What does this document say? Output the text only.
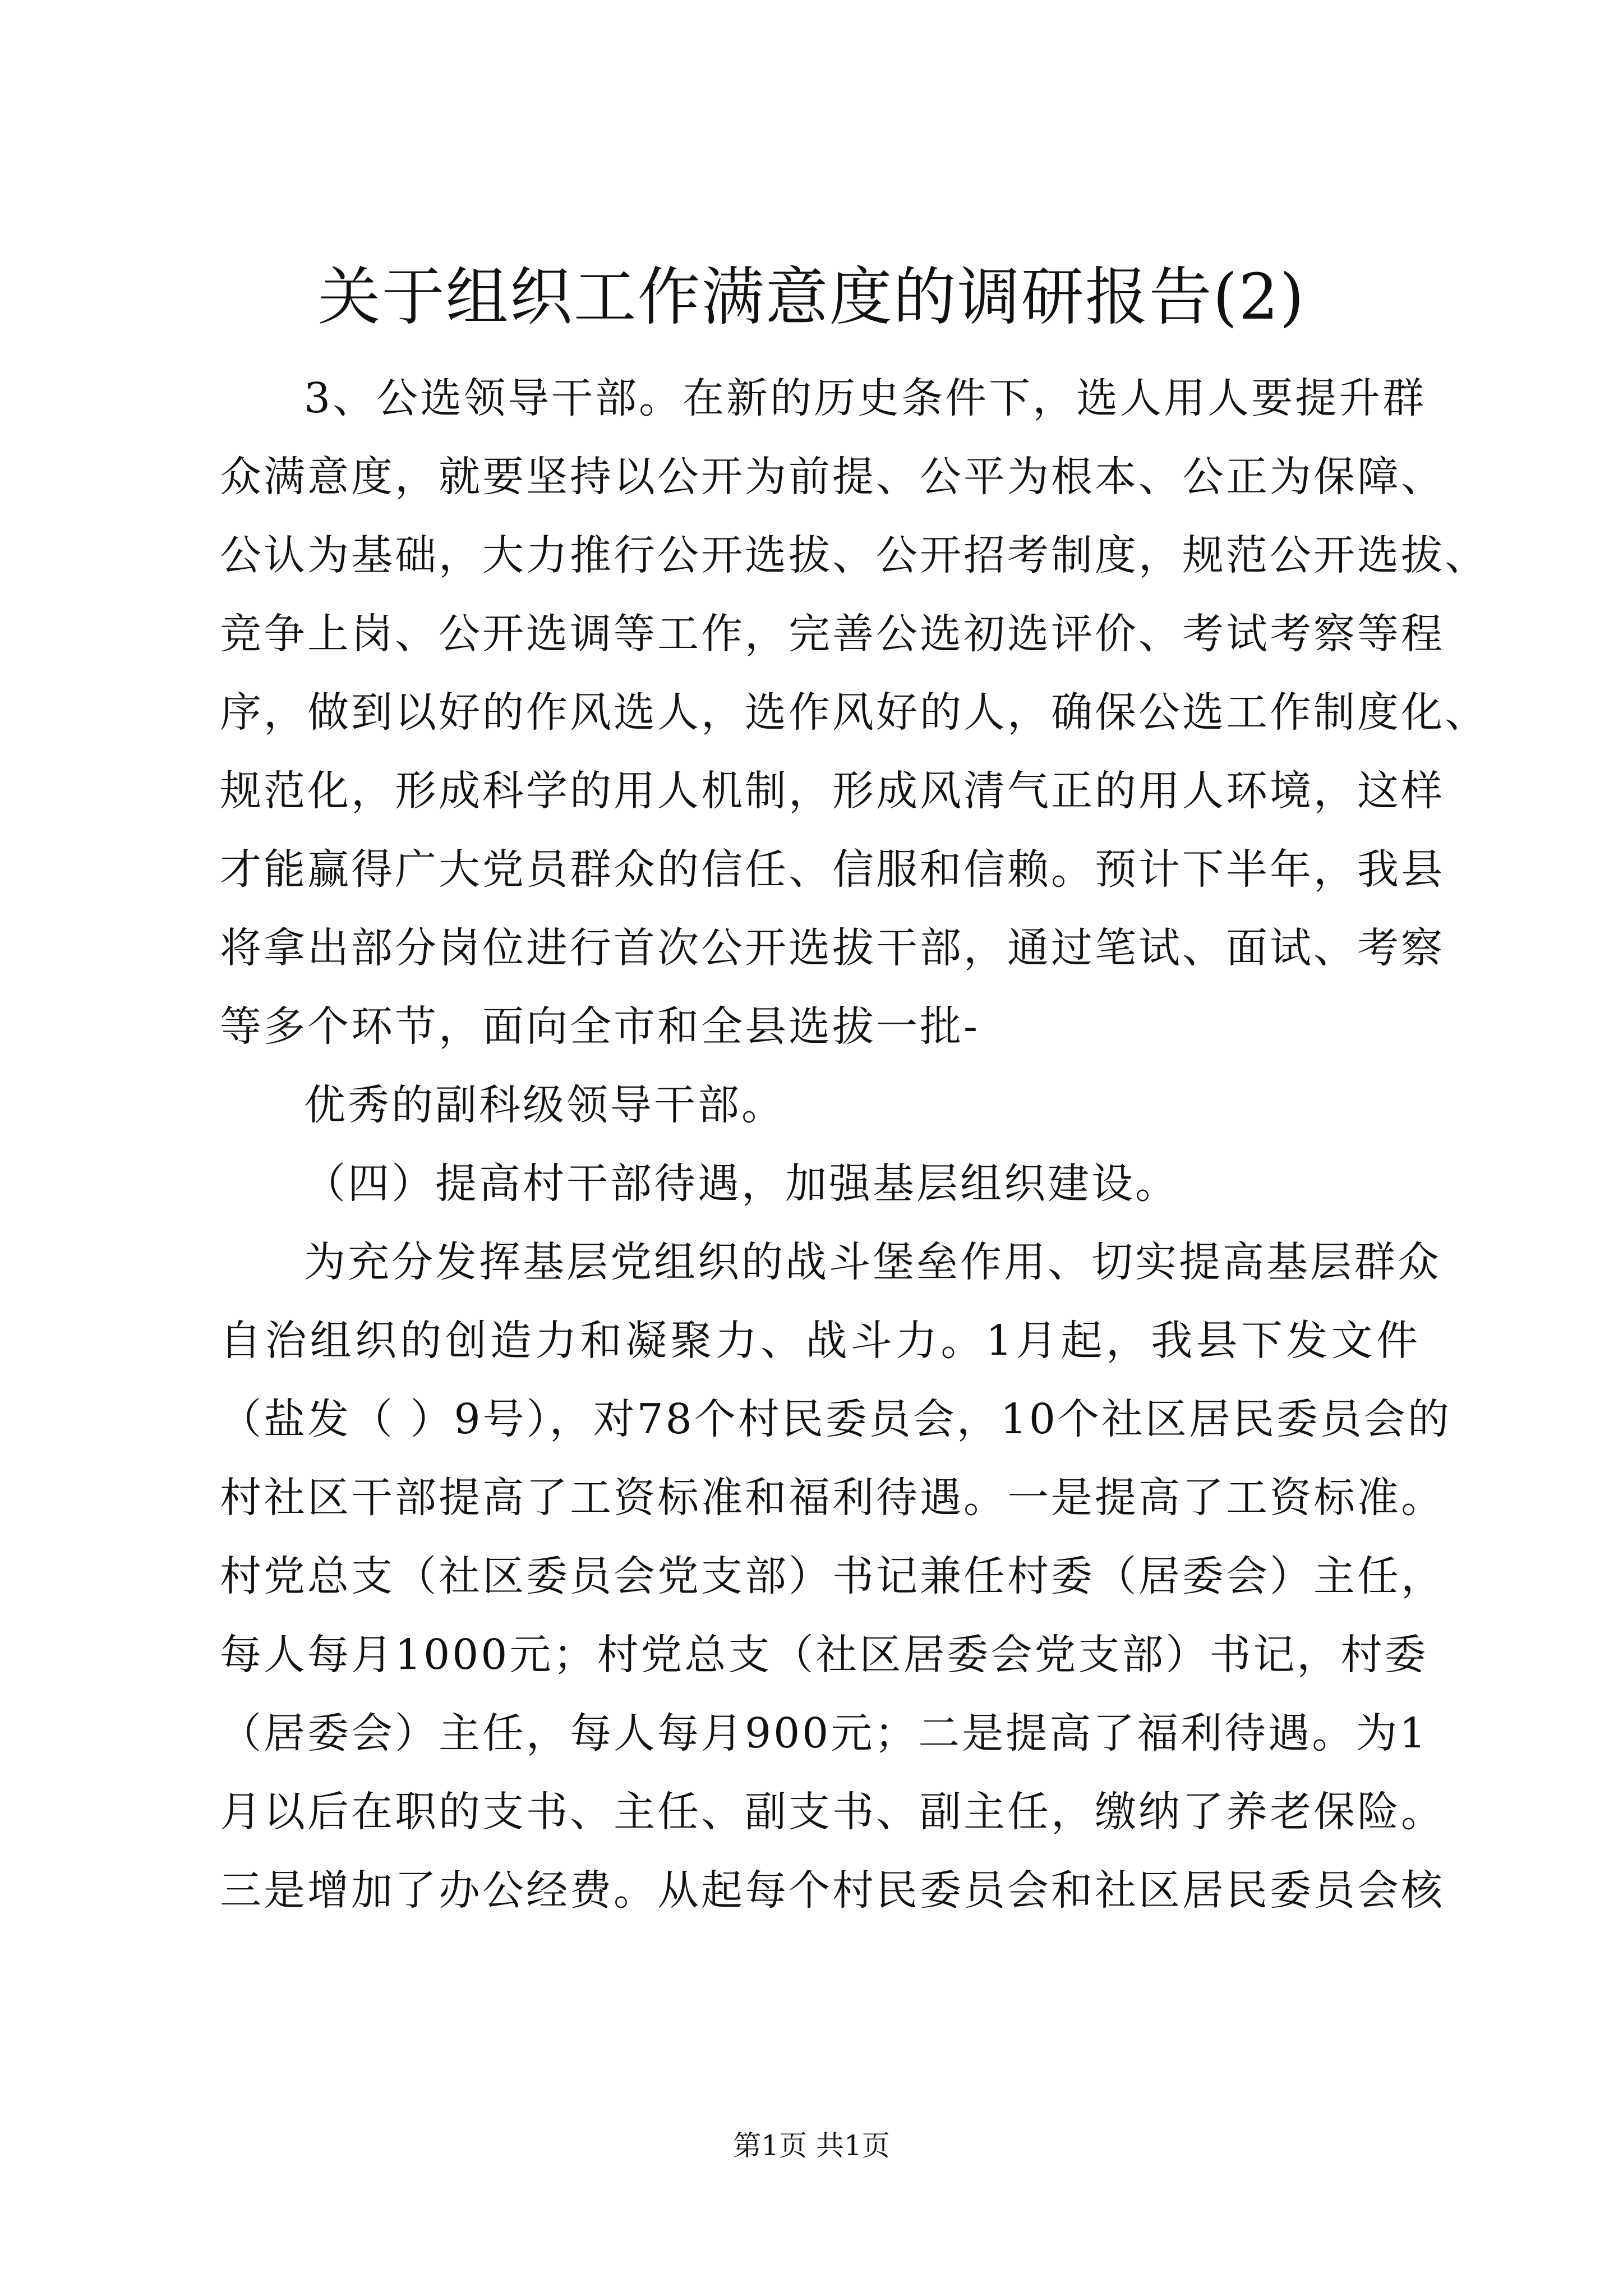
关于组织工作满意度的调研报告(2)
3、公选领导干部。在新的历史条件下，选人用人要提升群
众满意度，就要坚持以公开为前提、公平为根本、公正为保障、
公认为基础，大力推行公开选拔、公开招考制度，规范公开选拔、
竞争上岗、公开选调等工作，完善公选初选评价、考试考察等程
序，做到以好的作风选人，选作风好的人，确保公选工作制度化、
规范化，形成科学的用人机制，形成风清气正的用人环境，这样
才能赢得广大党员群众的信任、信服和信赖。预计下半年，我县
将拿出部分岗位进行首次公开选拔干部，通过笔试、面试、考察
等多个环节，面向全市和全县选拔一批-
优秀的副科级领导干部。
（四）提高村干部待遇，加强基层组织建设。
为充分发挥基层党组织的战斗堡垒作用、切实提高基层群众
自治组织的创造力和凝聚力、战斗力。1月起，我县下发文件
（盐发（ ）9号），对78个村民委员会，10个社区居民委员会的
村社区干部提高了工资标准和福利待遇。一是提高了工资标准。
村党总支（社区委员会党支部）书记兼任村委（居委会）主任，
每人每月1000元；村党总支（社区居委会党支部）书记，村委
（居委会）主任，每人每月900元；二是提高了福利待遇。为1
月以后在职的支书、主任、副支书、副主任，缴纳了养老保险。
三是增加了办公经费。从起每个村民委员会和社区居民委员会核
第1页 共1页
